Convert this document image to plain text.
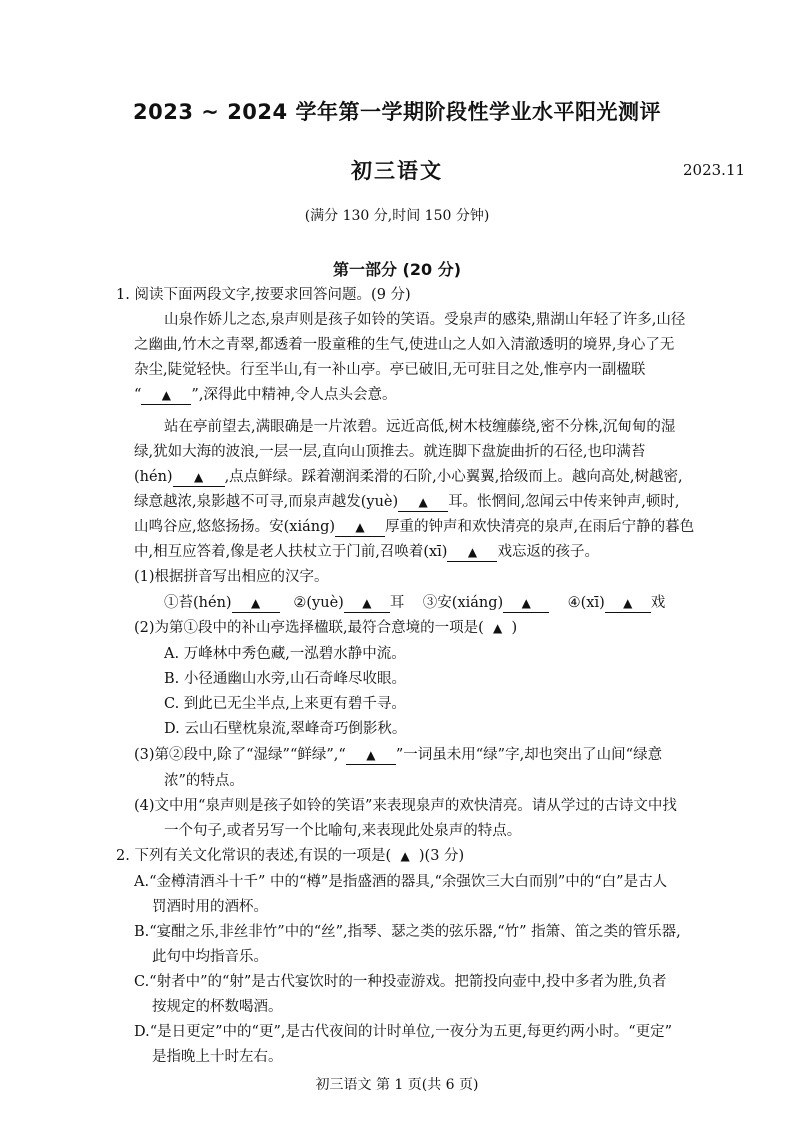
2023 ~ 2024 学年第一学期阶段性学业水平阳光测评
初三语文	2023.11
(满分 130 分,时间 150 分钟)
第一部分 (20 分)
1. 阅读下面两段文字,按要求回答问题。(9 分)
山泉作娇儿之态,泉声则是孩子如铃的笑语。受泉声的感染,鼎湖山年轻了许多,山径
之幽曲,竹木之青翠,都透着一股童稚的生气,使进山之人如入清澈透明的境界,身心了无
杂尘,陡觉轻快。行至半山,有一补山亭。亭已破旧,无可驻目之处,惟亭内一副楹联
“ ▲ ”,深得此中精神,令人点头会意。
站在亭前望去,满眼确是一片浓碧。远近高低,树木枝缠藤绕,密不分株,沉甸甸的湿
绿,犹如大海的波浪,一层一层,直向山顶推去。就连脚下盘旋曲折的石径,也印满苔
(hén) ▲ ,点点鲜绿。踩着潮润柔滑的石阶,小心翼翼,拾级而上。越向高处,树越密,
绿意越浓,泉影越不可寻,而泉声越发(yuè) ▲ 耳。怅惘间,忽闻云中传来钟声,顿时,
山鸣谷应,悠悠扬扬。安(xiáng) ▲ 厚重的钟声和欢快清亮的泉声,在雨后宁静的暮色
中,相互应答着,像是老人扶杖立于门前,召唤着(xī) ▲ 戏忘返的孩子。
(1)根据拼音写出相应的汉字。
①苔(hén) ▲ ②(yuè) ▲ 耳 ③安(xiáng) ▲	④(xī) ▲ 戏
(2)为第①段中的补山亭选择楹联,最符合意境的一项是( ▲ )
A. 万峰林中秀色藏,一泓碧水静中流。
B. 小径通幽山水旁,山石奇峰尽收眼。
C. 到此已无尘半点,上来更有碧千寻。
D. 云山石壁枕泉流,翠峰奇巧倒影秋。
(3)第②段中,除了“湿绿”“鲜绿”,“ ▲ ”一词虽未用“绿”字,却也突出了山间“绿意
浓”的特点。
(4)文中用“泉声则是孩子如铃的笑语”来表现泉声的欢快清亮。请从学过的古诗文中找
一个句子,或者另写一个比喻句,来表现此处泉声的特点。
2. 下列有关文化常识的表述,有误的一项是( ▲ )(3 分)
A.“金樽清酒斗十千” 中的“樽”是指盛酒的器具,“余强饮三大白而别”中的“白”是古人
罚酒时用的酒杯。
B.“宴酣之乐,非丝非竹”中的“丝”,指琴、瑟之类的弦乐器,“竹” 指箫、笛之类的管乐器,
此句中均指音乐。
C.“射者中”的“射”是古代宴饮时的一种投壶游戏。把箭投向壶中,投中多者为胜,负者
按规定的杯数喝酒。
D.“是日更定”中的“更”,是古代夜间的计时单位,一夜分为五更,每更约两小时。“更定”
是指晚上十时左右。
初三语文 第 1 页(共 6 页)
